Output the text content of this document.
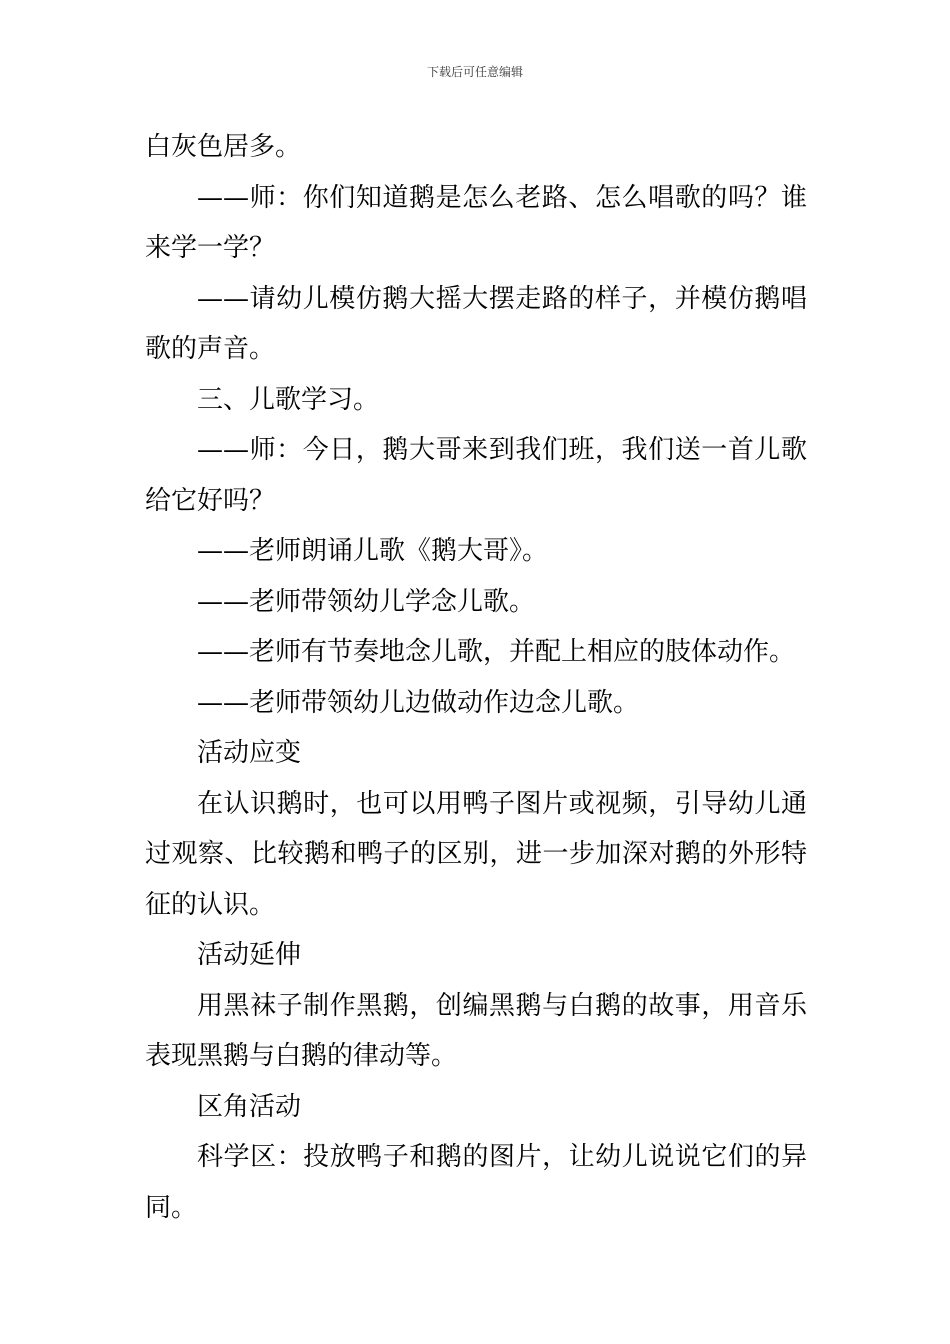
下载后可任意编辑

白灰色居多。

——师：你们知道鹅是怎么老路、怎么唱歌的吗？谁来学一学？

——请幼儿模仿鹅大摇大摆走路的样子，并模仿鹅唱歌的声音。

三、儿歌学习。

——师：今日，鹅大哥来到我们班，我们送一首儿歌给它好吗？

——老师朗诵儿歌《鹅大哥》。

——老师带领幼儿学念儿歌。

——老师有节奏地念儿歌，并配上相应的肢体动作。

——老师带领幼儿边做动作边念儿歌。

活动应变

在认识鹅时，也可以用鸭子图片或视频，引导幼儿通过观察、比较鹅和鸭子的区别，进一步加深对鹅的外形特征的认识。

活动延伸

用黑袜子制作黑鹅，创编黑鹅与白鹅的故事，用音乐表现黑鹅与白鹅的律动等。

区角活动

科学区：投放鸭子和鹅的图片，让幼儿说说它们的异同。
